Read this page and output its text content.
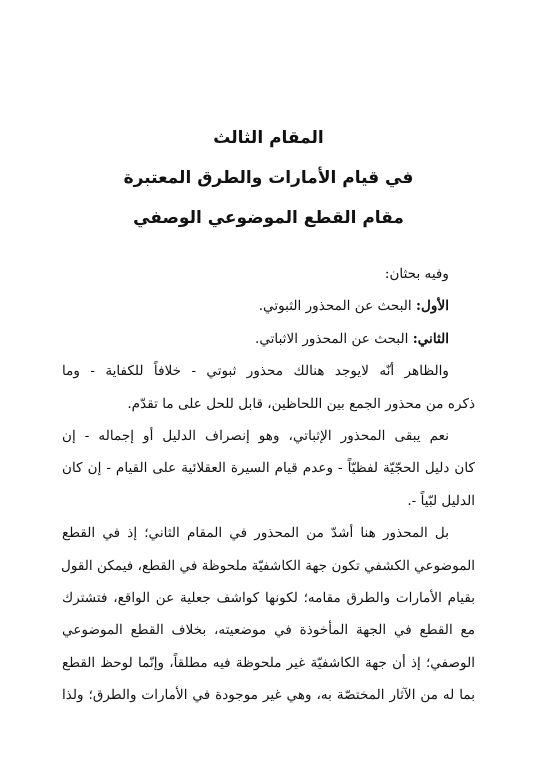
المقام الثالث
في قيام الأمارات والطرق المعتبرة
مقام القطع الموضوعي الوصفي

وفيه بحثان:

الأول: البحث عن المحذور الثبوتي.

الثاني: البحث عن المحذور الاثباتي.

والظاهر أنّه لايوجد هنالك محذور ثبوتي - خلافاً للكفاية - وما
ذكره من محذور الجمع بين اللحاظين، قابل للحل على ما تقدّم.
نعم يبقى المحذور الإثباتي، وهو إنصراف الدليل أو إجماله - إن
كان دليل الحجّيّة لفظيّاً - وعدم قيام السيرة العقلائية على القيام - إن كان
الدليل لبّياً -.
بل المحذور هنا أشدّ من المحذور في المقام الثاني؛ إذ في القطع
الموضوعي الكشفي تكون جهة الكاشفيّة ملحوظة في القطع، فيمكن القول
بقيام الأمارات والطرق مقامه؛ لكونها كواشف جعلية عن الواقع، فتشترك
مع القطع في الجهة المأخوذة في موضعيته، بخلاف القطع الموضوعي
الوصفي؛ إذ أن جهة الكاشفيّة غير ملحوظة فيه مطلقاً، وإنّما لوحظ القطع
بما له من الآثار المختصّة به، وهي غير موجودة في الأمارات والطرق؛ ولذا
